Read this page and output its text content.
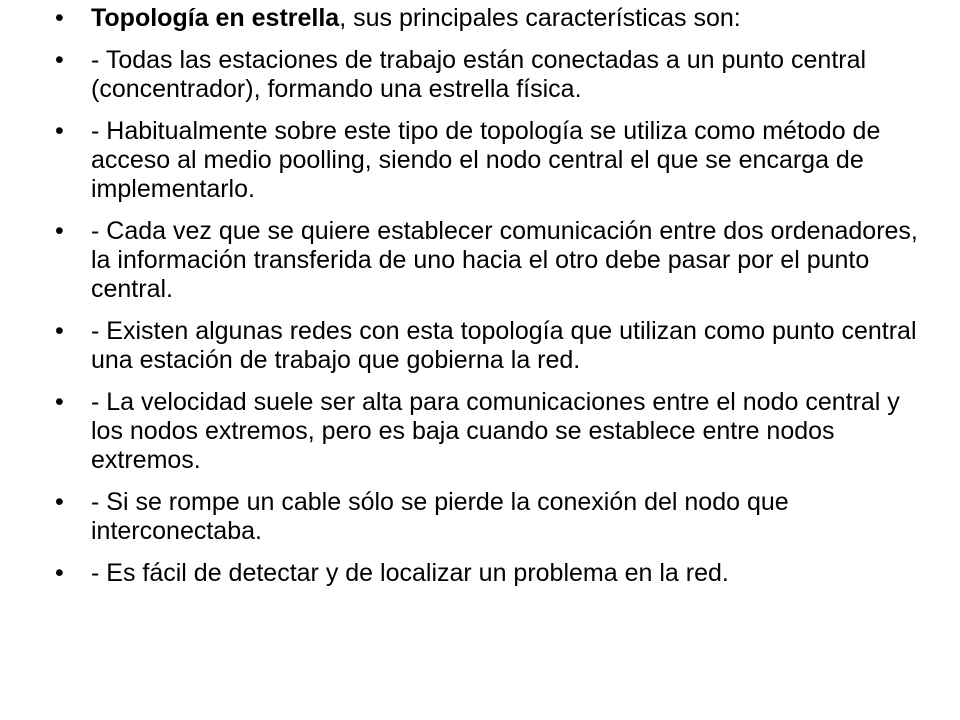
•	Topología en estrella, sus principales características son:
•	- Todas las estaciones de trabajo están conectadas a un punto central (concentrador), formando una estrella física.
•	- Habitualmente sobre este tipo de topología se utiliza como método de acceso al medio poolling, siendo el nodo central el que se encarga de implementarlo.
•	- Cada vez que se quiere establecer comunicación entre dos ordenadores, la información transferida de uno hacia el otro debe pasar por el punto central.
•	- Existen algunas redes con esta topología que utilizan como punto central una estación de trabajo que gobierna la red.
•	- La velocidad suele ser alta para comunicaciones entre el nodo central y los nodos extremos, pero es baja cuando se establece entre nodos extremos.
•	- Si se rompe un cable sólo se pierde la conexión del nodo que interconectaba.
•	- Es fácil de detectar y de localizar un problema en la red.
